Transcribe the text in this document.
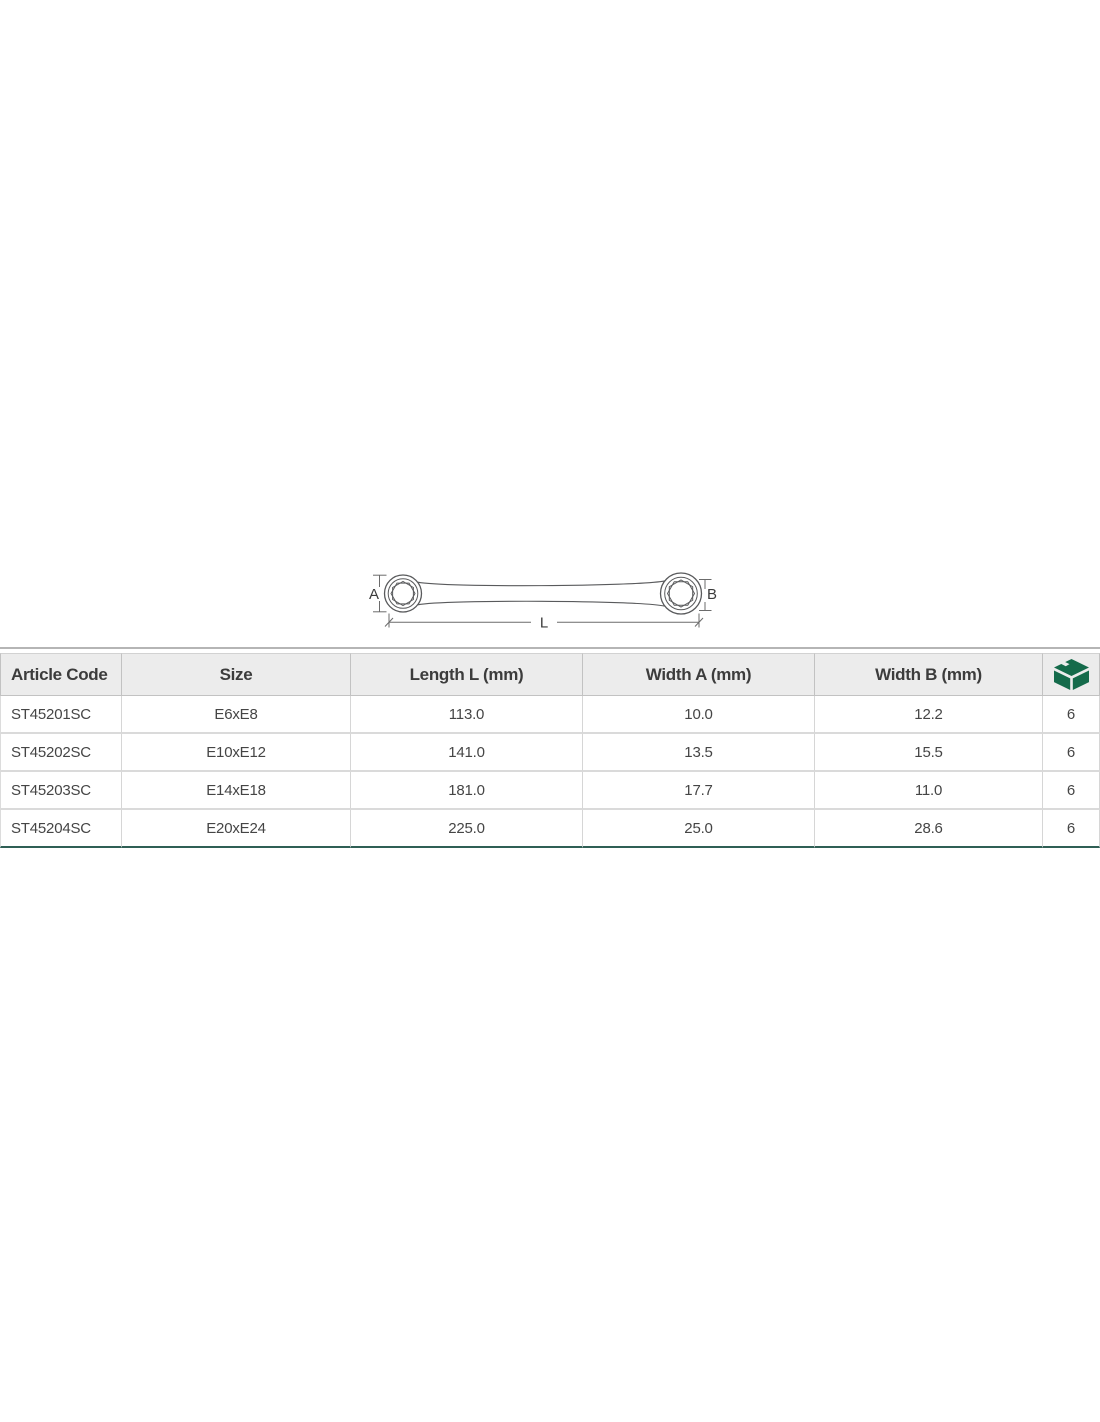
A	B
L
Article Code	Size	Length L (mm)	Width A (mm)	Width B (mm)	
ST45201SC	E6xE8	113.0	10.0	12.2	6
ST45202SC	E10xE12	141.0	13.5	15.5	6
ST45203SC	E14xE18	181.0	17.7	11.0	6
ST45204SC	E20xE24	225.0	25.0	28.6	6
